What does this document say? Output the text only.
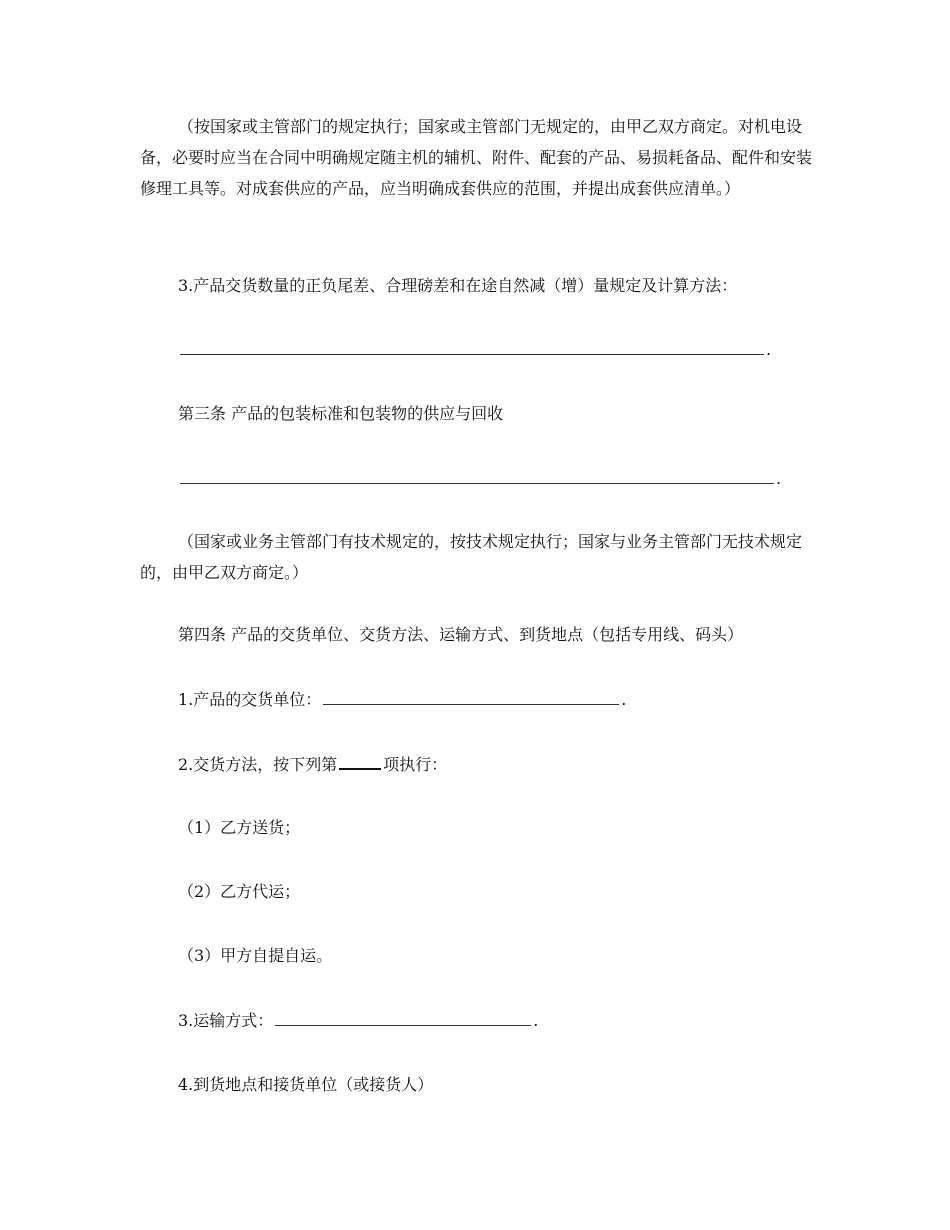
（按国家或主管部门的规定执行；国家或主管部门无规定的，由甲乙双方商定。对机电设备，必要时应当在合同中明确规定随主机的辅机、附件、配套的产品、易损耗备品、配件和安装修理工具等。对成套供应的产品，应当明确成套供应的范围，并提出成套供应清单。）

3.产品交货数量的正负尾差、合理磅差和在途自然减（增）量规定及计算方法：

.

第三条 产品的包装标准和包装物的供应与回收

.

（国家或业务主管部门有技术规定的，按技术规定执行；国家与业务主管部门无技术规定的，由甲乙双方商定。）

第四条 产品的交货单位、交货方法、运输方式、到货地点（包括专用线、码头）

1.产品的交货单位：	.

2.交货方法，按下列第	项执行：

（1）乙方送货；

（2）乙方代运；

（3）甲方自提自运。

3.运输方式：	.

4.到货地点和接货单位（或接货人）
